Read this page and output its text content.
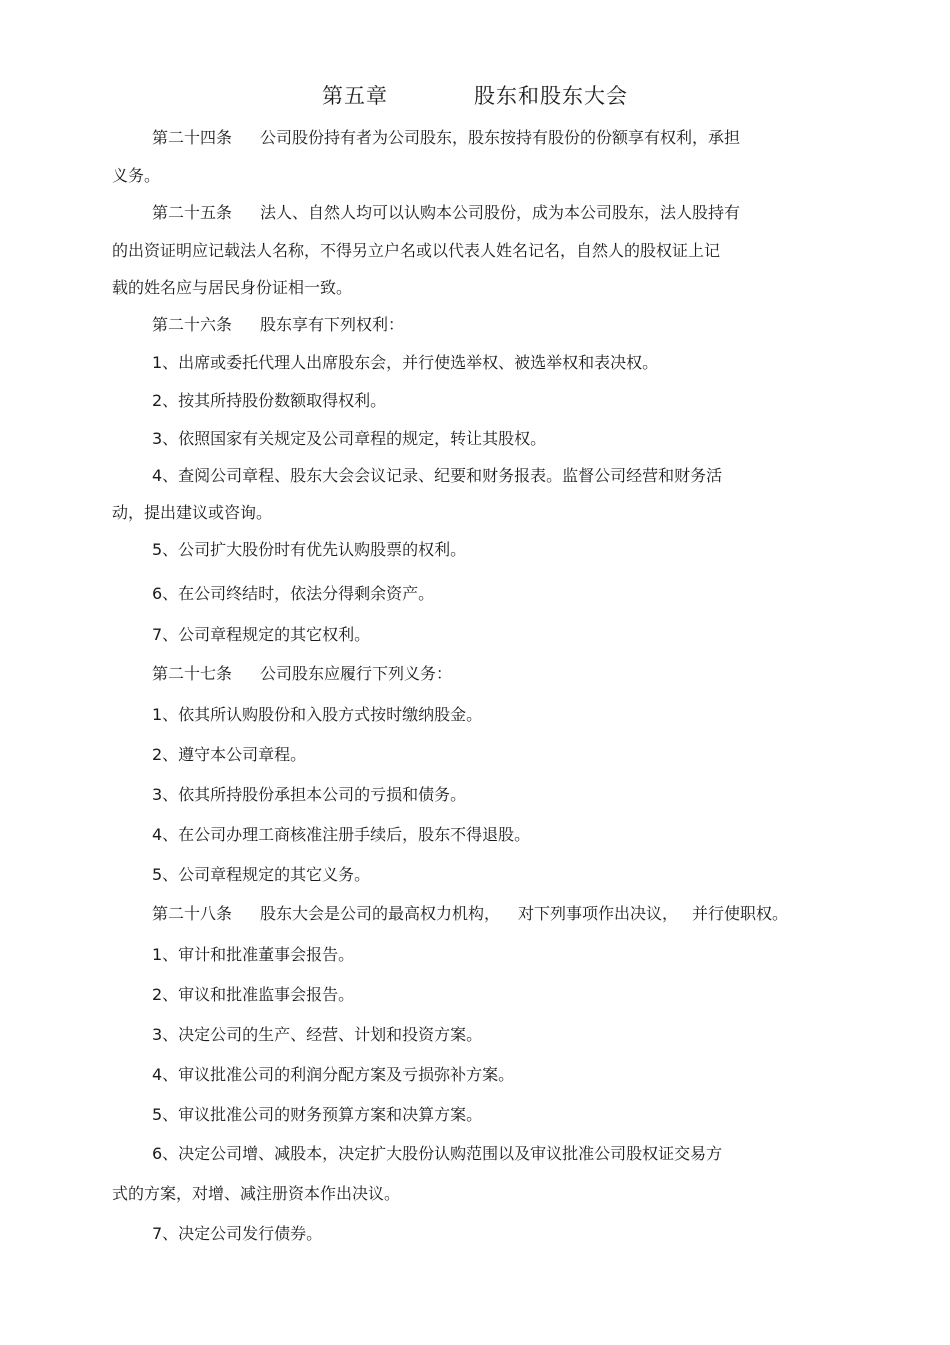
第五章	股东和股东大会
第二十四条 公司股份持有者为公司股东，股东按持有股份的份额享有权利，承担
义务。
第二十五条 法人、自然人均可以认购本公司股份，成为本公司股东，法人股持有
的出资证明应记载法人名称，不得另立户名或以代表人姓名记名，自然人的股权证上记
载的姓名应与居民身份证相一致。
第二十六条 股东享有下列权利：
1、出席或委托代理人出席股东会，并行使选举权、被选举权和表决权。
2、按其所持股份数额取得权利。
3、依照国家有关规定及公司章程的规定，转让其股权。
4、查阅公司章程、股东大会会议记录、纪要和财务报表。监督公司经营和财务活
动，提出建议或咨询。
5、公司扩大股份时有优先认购股票的权利。
6、在公司终结时，依法分得剩余资产。
7、公司章程规定的其它权利。
第二十七条 公司股东应履行下列义务：
1、依其所认购股份和入股方式按时缴纳股金。
2、遵守本公司章程。
3、依其所持股份承担本公司的亏损和债务。
4、在公司办理工商核准注册手续后，股东不得退股。
5、公司章程规定的其它义务。
第二十八条 股东大会是公司的最高权力机构， 对下列事项作出决议， 并行使职权。
1、审计和批准董事会报告。
2、审议和批准监事会报告。
3、决定公司的生产、经营、计划和投资方案。
4、审议批准公司的利润分配方案及亏损弥补方案。
5、审议批准公司的财务预算方案和决算方案。
6、决定公司增、减股本，决定扩大股份认购范围以及审议批准公司股权证交易方
式的方案，对增、减注册资本作出决议。
7、决定公司发行债券。
